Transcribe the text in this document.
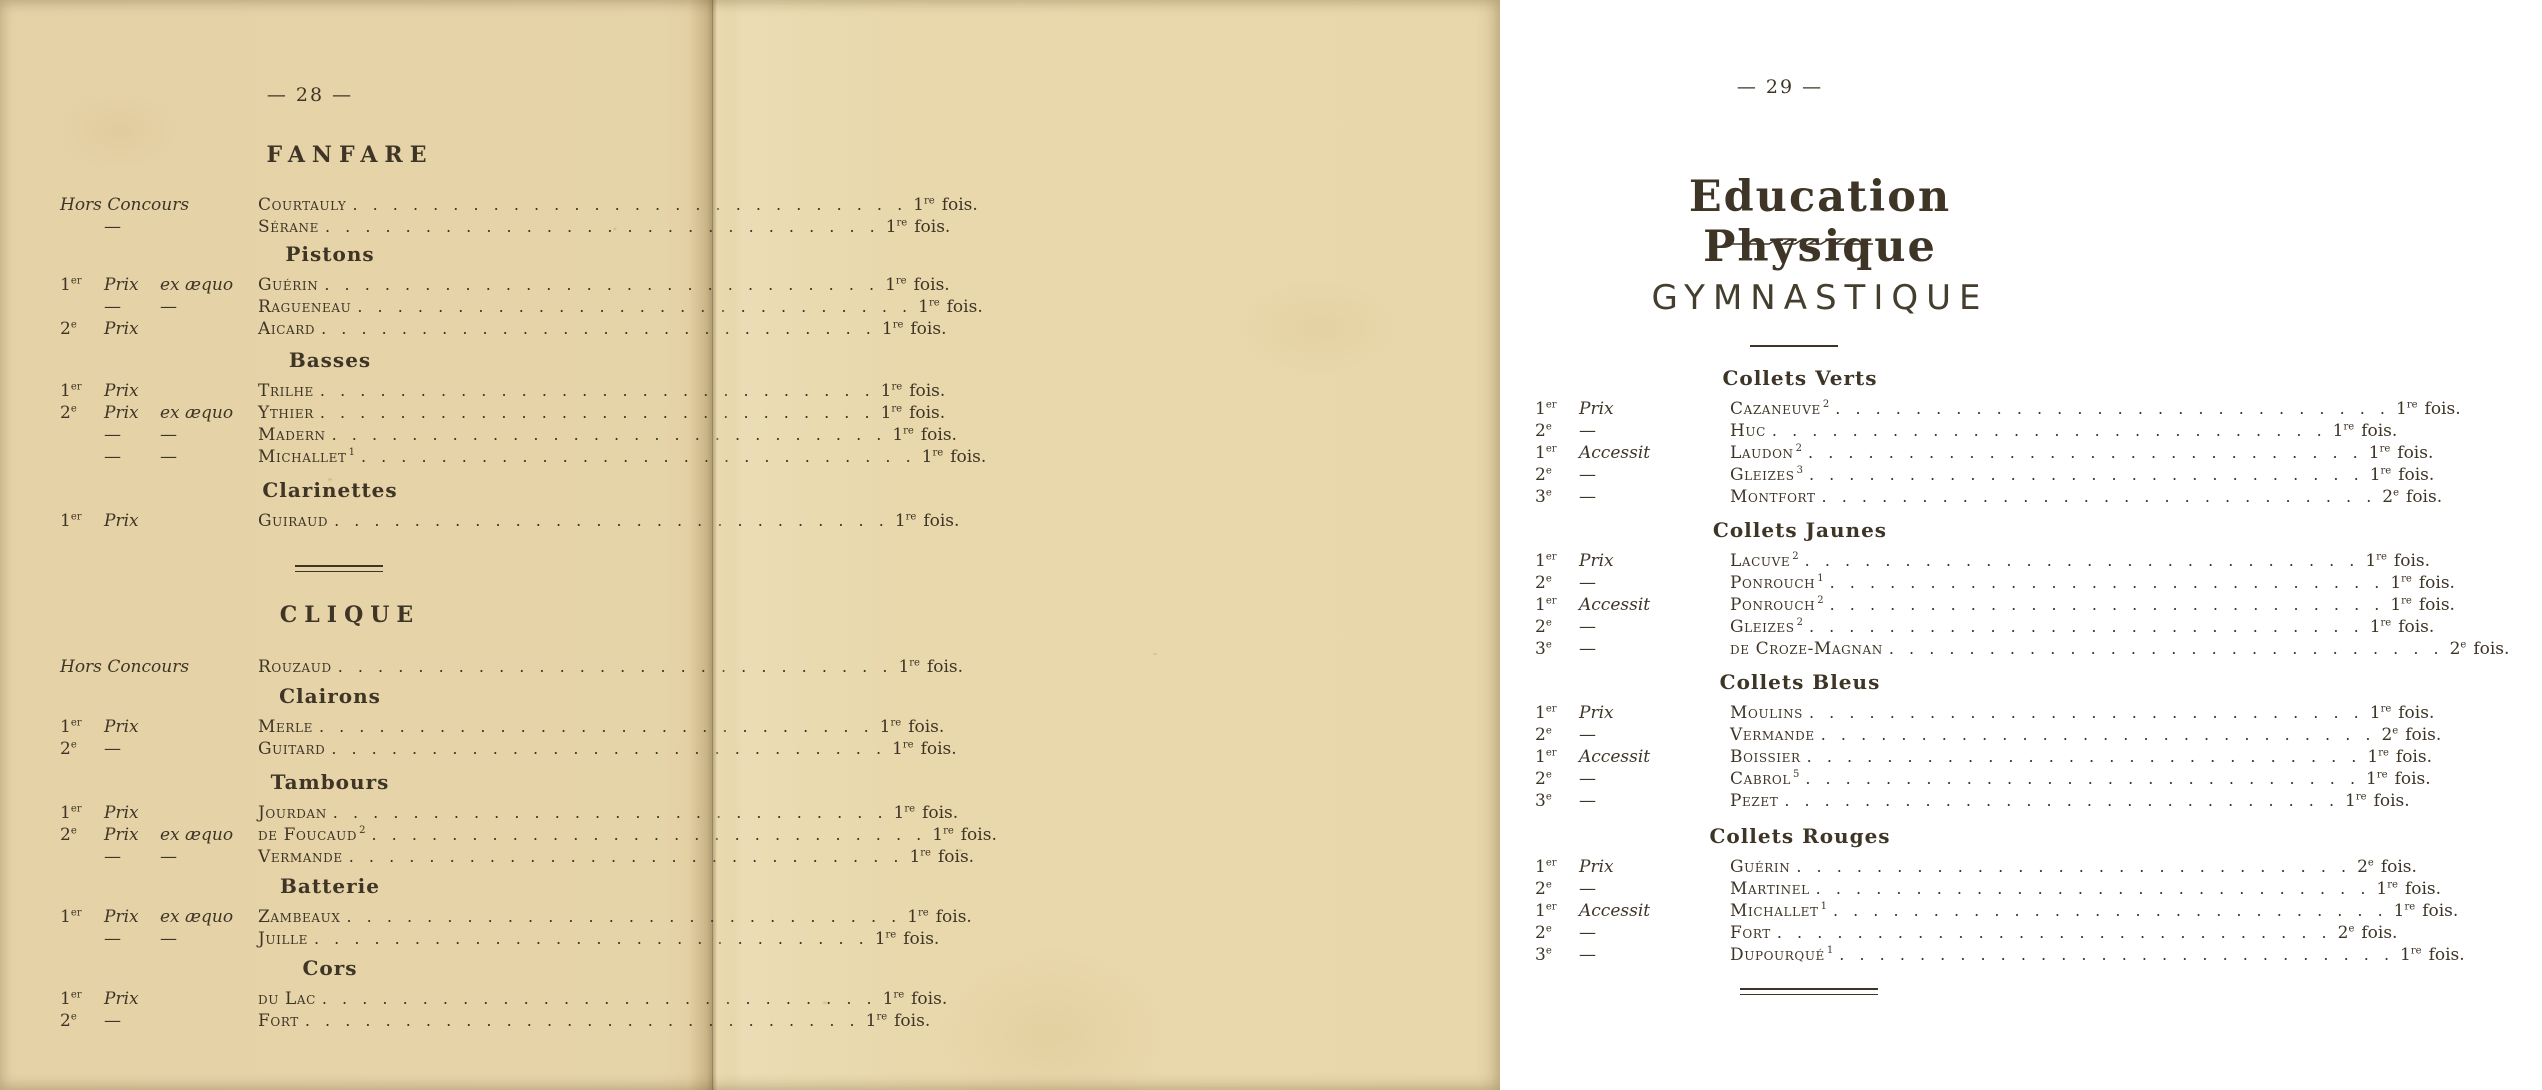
— 28 —
FANFARE
Hors Concours	Courtauly . . .	1re fois.
—	Sérane . . .	1re fois.
Pistons
1er Prix ex æquo	Guérin . . .	1re fois.
— —	Ragueneau . . .	1re fois.
2e Prix	Aicard . . .	1re fois.
Basses
1er Prix	Trilhe . . .	1re fois.
2e Prix ex æquo	Ythier . . .	1re fois.
— —	Madern . . .	1re fois.
— —	Michallet $^1$ . . .	1re fois.
Clarinettes
1er Prix	Guiraud . . .	1re fois.
CLIQUE
Hors Concours	Rouzaud . . .	1re fois.
Clairons
1er Prix	Merle . . .	1re fois.
2e —	Guitard . . .	1re fois.
Tambours
1er Prix	Jourdan . . .	1re fois.
2e Prix ex æquo	de Foucaud $^2$ . . .	1re fois.
— —	Vermande . . .	1re fois.
Batterie
1er Prix ex æquo	Zambeaux . . .	1re fois.
— —	Juille . . .	1re fois.
Cors
1er Prix	du Lac . . .	1re fois.
2e —	Fort . . .	1re fois.
— 29 —
Education Physique
GYMNASTIQUE
Collets Verts
1er Prix	Cazaneuve $^2$ . . .	1re fois.
2e —	Huc . . .	1re fois.
1er Accessit	Laudon $^2$ . . .	1re fois.
2e —	Gleizes $^3$ . . .	1re fois.
3e —	Montfort . . .	2e fois.
Collets Jaunes
1er Prix	Lacuve $^2$ . . .	1re fois.
2e —	Ponrouch $^1$ . . .	1re fois.
1er Accessit	Ponrouch $^2$ . . .	1re fois.
2e —	Gleizes $^2$ . . .	1re fois.
3e —	de Croze-Magnan . . .	2e fois.
Collets Bleus
1er Prix	Moulins . . .	1re fois.
2e —	Vermande . . .	2e fois.
1er Accessit	Boissier . . .	1re fois.
2e —	Cabrol $^5$ . . .	1re fois.
3e —	Pezet . . .	1re fois.
Collets Rouges
1er Prix	Guérin . . .	2e fois.
2e —	Martinel . . .	1re fois.
1er Accessit	Michallet $^1$ . . .	1re fois.
2e —	Fort . . .	2e fois.
3e —	Dupourqué $^1$ . . .	1re fois.
